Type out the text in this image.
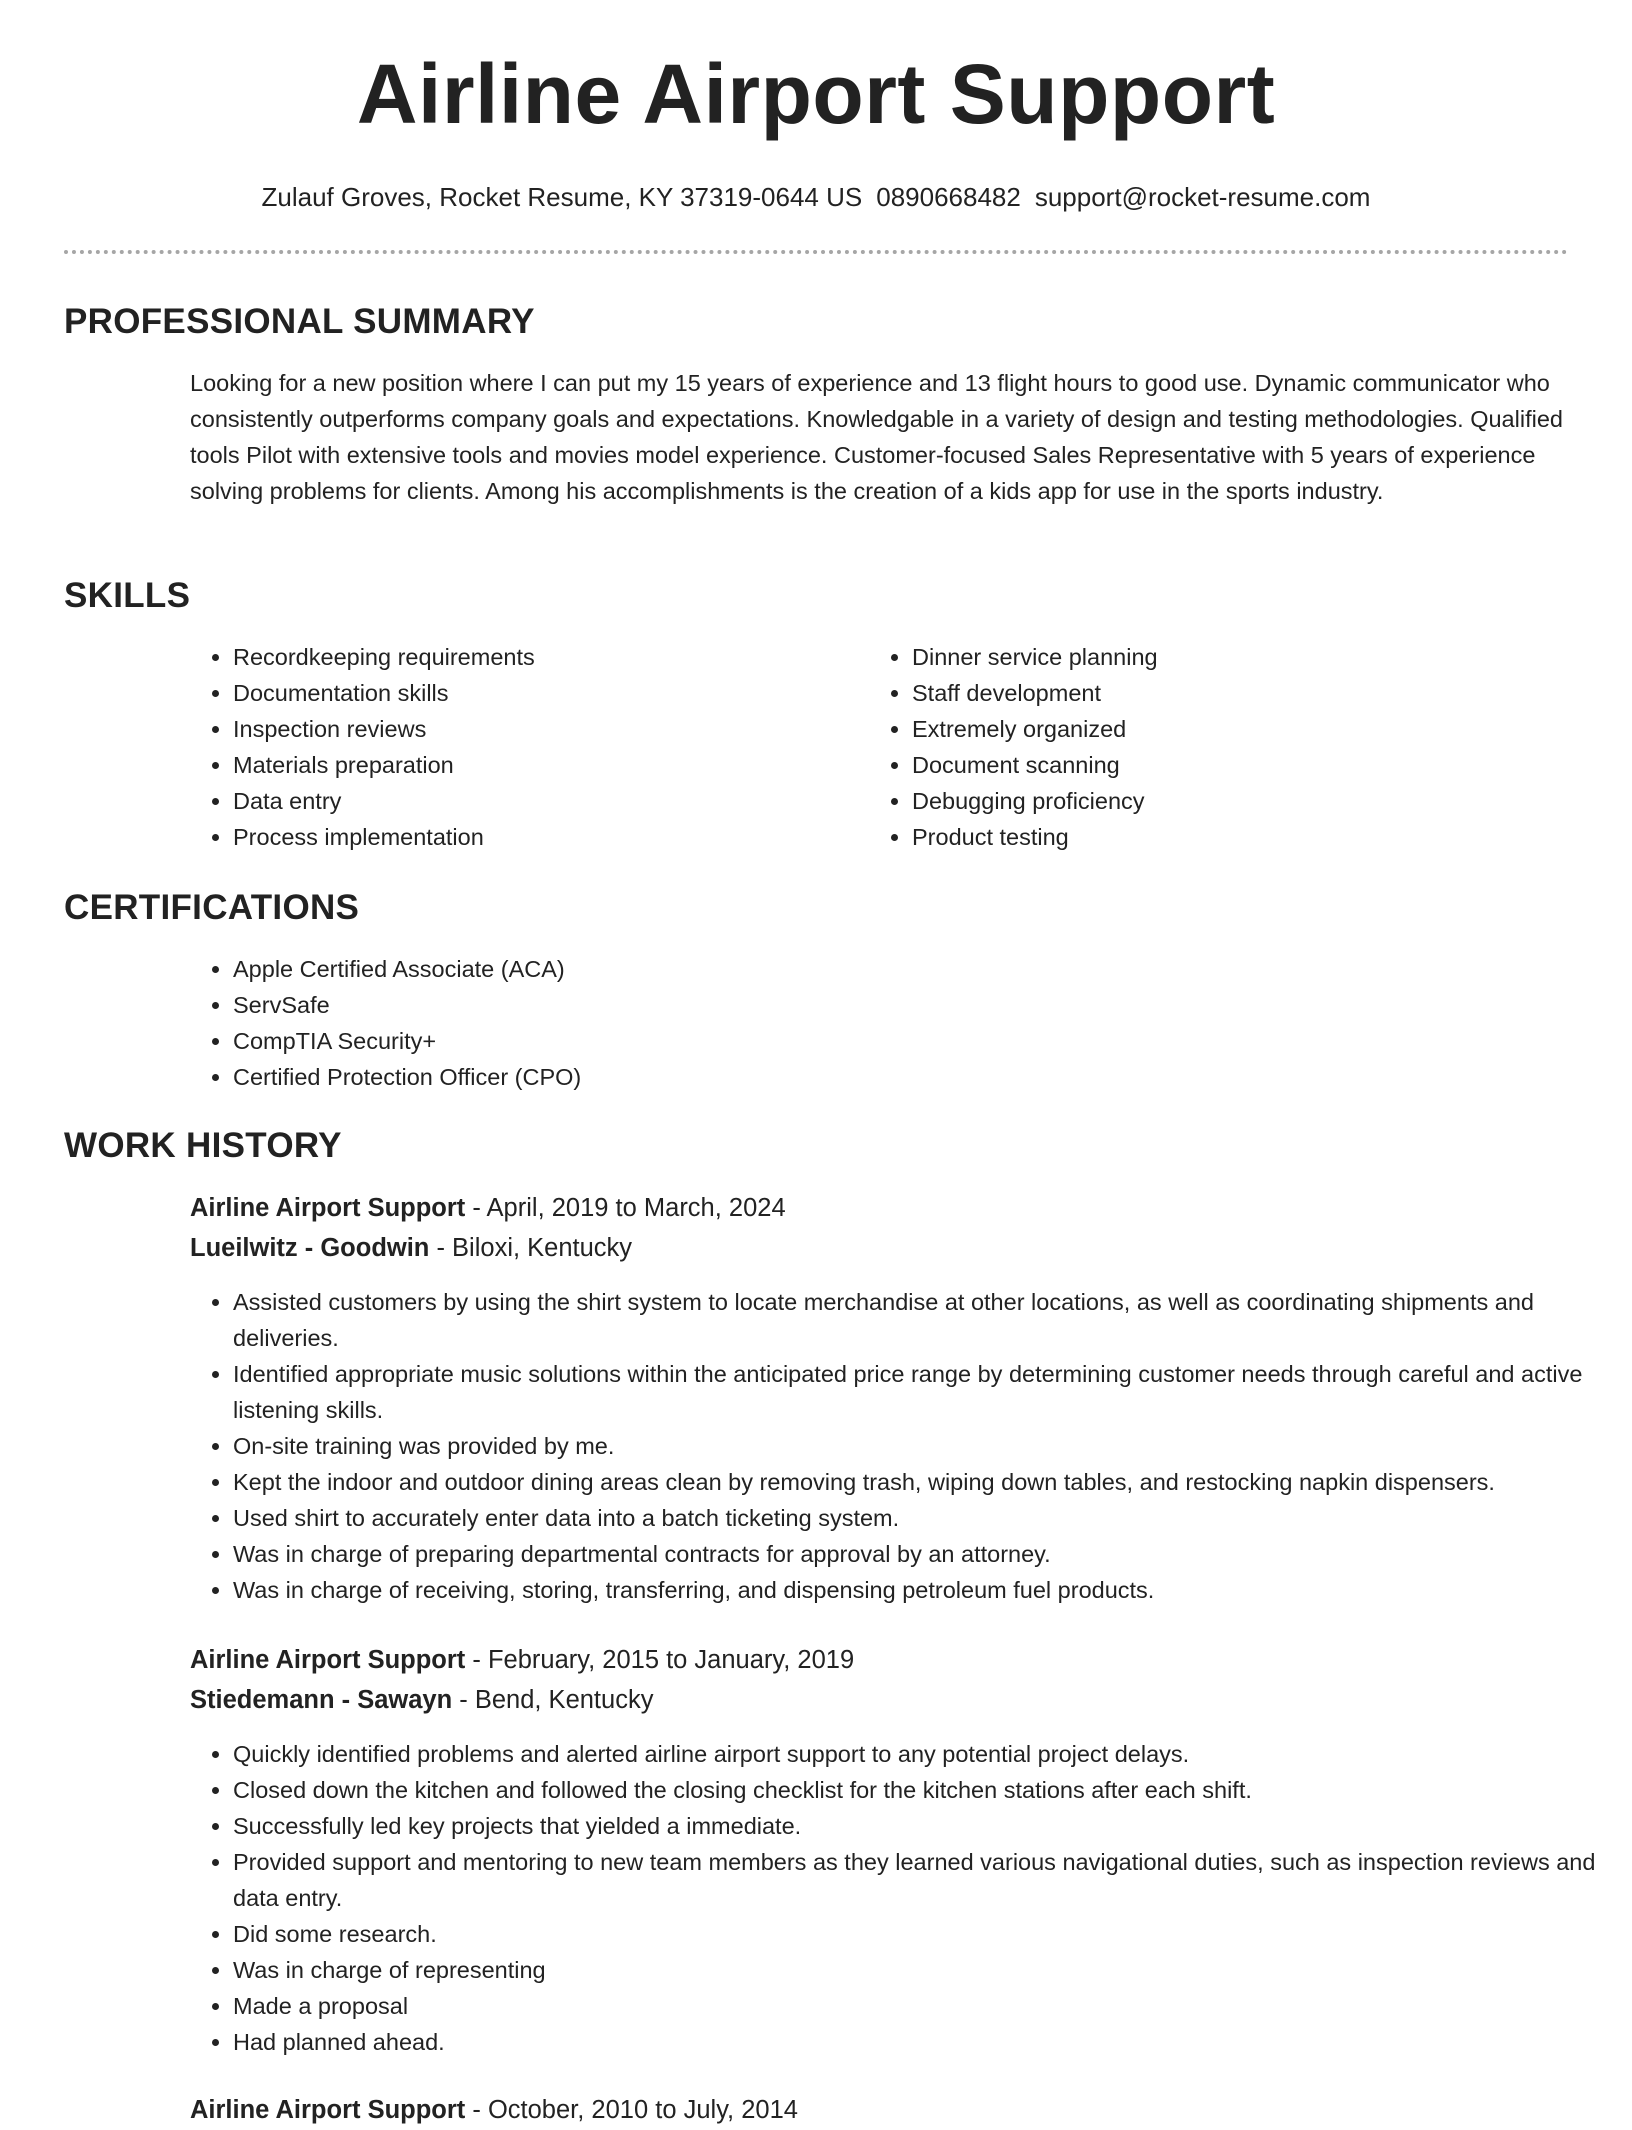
Airline Airport Support
Zulauf Groves, Rocket Resume, KY 37319-0644 US 0890668482 support@rocket-resume.com
PROFESSIONAL SUMMARY
Looking for a new position where I can put my 15 years of experience and 13 flight hours to good use. Dynamic communicator who consistently outperforms company goals and expectations. Knowledgable in a variety of design and testing methodologies. Qualified tools Pilot with extensive tools and movies model experience. Customer-focused Sales Representative with 5 years of experience solving problems for clients. Among his accomplishments is the creation of a kids app for use in the sports industry.
SKILLS
• Recordkeeping requirements
• Documentation skills
• Inspection reviews
• Materials preparation
• Data entry
• Process implementation
• Dinner service planning
• Staff development
• Extremely organized
• Document scanning
• Debugging proficiency
• Product testing
CERTIFICATIONS
• Apple Certified Associate (ACA)
• ServSafe
• CompTIA Security+
• Certified Protection Officer (CPO)
WORK HISTORY
Airline Airport Support - April, 2019 to March, 2024
Lueilwitz - Goodwin - Biloxi, Kentucky
• Assisted customers by using the shirt system to locate merchandise at other locations, as well as coordinating shipments and deliveries.
• Identified appropriate music solutions within the anticipated price range by determining customer needs through careful and active listening skills.
• On-site training was provided by me.
• Kept the indoor and outdoor dining areas clean by removing trash, wiping down tables, and restocking napkin dispensers.
• Used shirt to accurately enter data into a batch ticketing system.
• Was in charge of preparing departmental contracts for approval by an attorney.
• Was in charge of receiving, storing, transferring, and dispensing petroleum fuel products.
Airline Airport Support - February, 2015 to January, 2019
Stiedemann - Sawayn - Bend, Kentucky
• Quickly identified problems and alerted airline airport support to any potential project delays.
• Closed down the kitchen and followed the closing checklist for the kitchen stations after each shift.
• Successfully led key projects that yielded a immediate.
• Provided support and mentoring to new team members as they learned various navigational duties, such as inspection reviews and data entry.
• Did some research.
• Was in charge of representing
• Made a proposal
• Had planned ahead.
Airline Airport Support - October, 2010 to July, 2014
